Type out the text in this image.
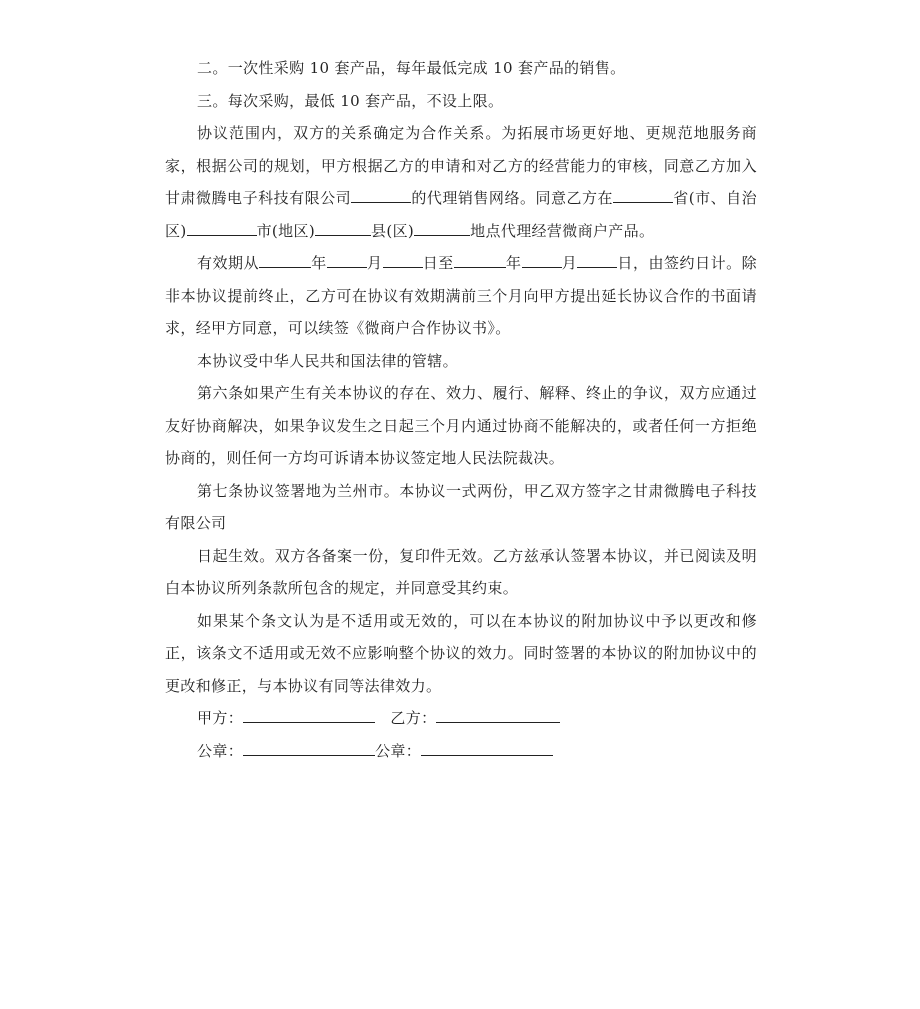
二。一次性采购 10 套产品，每年最低完成 10 套产品的销售。

三。每次采购，最低 10 套产品，不设上限。

协议范围内，双方的关系确定为合作关系。为拓展市场更好地、更规范地服务商家，根据公司的规划，甲方根据乙方的申请和对乙方的经营能力的审核，同意乙方加入甘肃微腾电子科技有限公司	的代理销售网络。同意乙方在	省(市、自治区)	市(地区)	县(区)	地点代理经营微商户产品。

有效期从	年	月	日至	年	月	日，由签约日计。除非本协议提前终止，乙方可在协议有效期满前三个月向甲方提出延长协议合作的书面请求，经甲方同意，可以续签《微商户合作协议书》。

本协议受中华人民共和国法律的管辖。

第六条如果产生有关本协议的存在、效力、履行、解释、终止的争议，双方应通过友好协商解决，如果争议发生之日起三个月内通过协商不能解决的，或者任何一方拒绝协商的，则任何一方均可诉请本协议签定地人民法院裁决。

第七条协议签署地为兰州市。本协议一式两份，甲乙双方签字之甘肃微腾电子科技有限公司

日起生效。双方各备案一份，复印件无效。乙方兹承认签署本协议，并已阅读及明白本协议所列条款所包含的规定，并同意受其约束。

如果某个条文认为是不适用或无效的，可以在本协议的附加协议中予以更改和修正，该条文不适用或无效不应影响整个协议的效力。同时签署的本协议的附加协议中的更改和修正，与本协议有同等法律效力。

甲方：	乙方：
公章：	公章：
